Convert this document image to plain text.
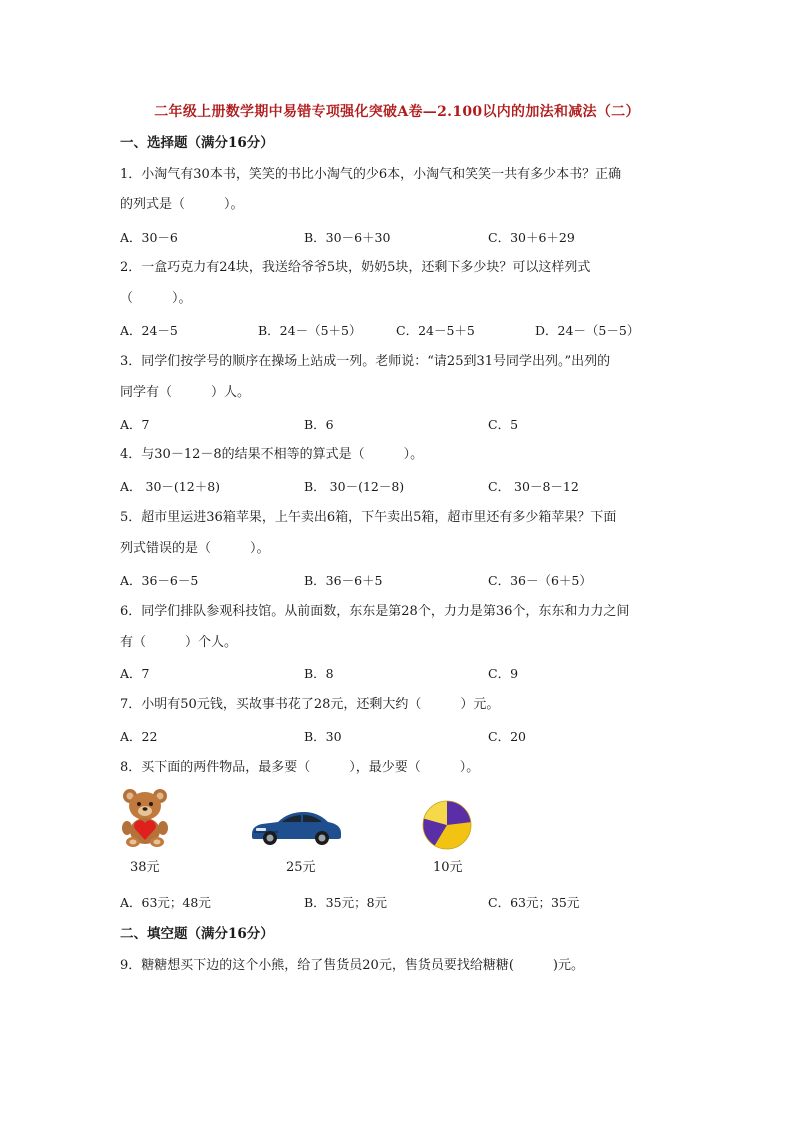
二年级上册数学期中易错专项强化突破A卷—2.100以内的加法和减法（二）
一、选择题（满分16分）
1．小淘气有30本书，笑笑的书比小淘气的少6本，小淘气和笑笑一共有多少本书？正确
的列式是（　　　）。
A．30－6	B．30－6＋30	C．30＋6＋29
2．一盒巧克力有24块，我送给爷爷5块，奶奶5块，还剩下多少块？可以这样列式
（　　　）。
A．24－5	B．24－（5＋5）	C．24－5＋5	D．24－（5－5）
3．同学们按学号的顺序在操场上站成一列。老师说：“请25到31号同学出列。”出列的
同学有（　　　）人。
A．7	B．6	C．5
4．与30－12－8的结果不相等的算式是（　　　）。
A． 30－(12＋8)	B． 30－(12－8)	C． 30－8－12
5．超市里运进36箱苹果，上午卖出6箱，下午卖出5箱，超市里还有多少箱苹果？下面
列式错误的是（　　　）。
A．36－6－5	B．36－6＋5	C．36－（6＋5）
6．同学们排队参观科技馆。从前面数，东东是第28个，力力是第36个，东东和力力之间
有（　　　）个人。
A．7	B．8	C．9
7．小明有50元钱，买故事书花了28元，还剩大约（　　　）元。
A．22	B．30	C．20
8．买下面的两件物品，最多要（　　　），最少要（　　　）。
38元	25元	10元
A．63元；48元	B．35元；8元	C．63元；35元
二、填空题（满分16分）
9．糖糖想买下边的这个小熊，给了售货员20元，售货员要找给糖糖(　　　)元。
